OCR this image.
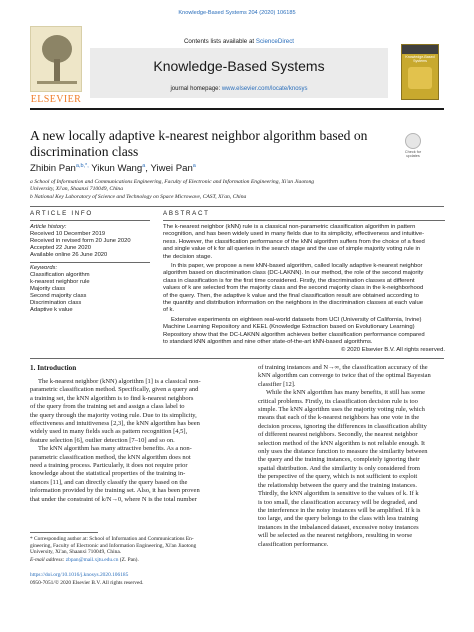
Knowledge-Based Systems 204 (2020) 106185
ELSEVIER
Contents lists available at ScienceDirect
Knowledge-Based Systems
journal homepage: www.elsevier.com/locate/knosys
Knowledge-Based Systems
A new locally adaptive k-nearest neighbor algorithm based on
discrimination class	Check for updates
Zhibin Pan$^{a,b,*,}$ Yikun Wang$^a$, Yiwei Pan$^a$
a School of Information and Communications Engineering, Faculty of Electronic and Information Engineering, Xi'an Jiaotong
University, Xi'an, Shaanxi 710049, China
b National Key Laboratory of Science and Technology on Space Microwave, CAST, Xi'an, China
ARTICLE INFO	ABSTRACT
Article history:
Received 10 December 2019
Received in revised form 20 June 2020
Accepted 22 June 2020
Available online 26 June 2020
Keywords:
Classification algorithm
k-nearest neighbor rule
Majority class
Second majority class
Discrimination class
Adaptive k value
The k-nearest neighbor (kNN) rule is a classical non-parametric classification algorithm in pattern
recognition, and has been widely used in many fields due to its simplicity, effectiveness and intuitive-
ness. However, the classification performance of the kNN algorithm suffers from the choice of a fixed
and single value of k for all queries in the search stage and the use of simple majority voting rule in
the decision stage.
In this paper, we propose a new kNN-based algorithm, called locally adaptive k-nearest neighbor
algorithm based on discrimination class (DC-LAKNN). In our method, the role of the second majority
class in classification is for the first time considered. Firstly, the discrimination classes at different
values of k are selected from the majority class and the second majority class in the k-neighborhood
of the query. Then, the adaptive k value and the final classification result are obtained according to
the quantity and distribution information on the neighbors in the discrimination classes at each value
of k.
Extensive experiments on eighteen real-world datasets from UCI (University of California, Irvine)
Machine Learning Repository and KEEL (Knowledge Extraction based on Evolutionary Learning)
Repository show that the DC-LAKNN algorithm achieves better classification performance compared
to standard kNN algorithm and nine other state-of-the-art kNN-based algorithms.
© 2020 Elsevier B.V. All rights reserved.
1. Introduction
The k-nearest neighbor (kNN) algorithm [1] is a classical non-
parametric classification method. Specifically, given a query and
a training set, the kNN algorithm is to find k-nearest neighbors
of the query from the training set and assign a class label to
the query through the majority voting rule. Due to its simplicity,
effectiveness and intuitiveness [2,3], the kNN algorithm has been
widely used in many fields such as pattern recognition [4,5],
feature selection [6], outlier detection [7–10] and so on.
The kNN algorithm has many attractive benefits. As a non-
parametric classification method, the kNN algorithm does not
need a training process. Particularly, it does not require prior
knowledge about the statistical properties of the training in-
stances [11], and can directly classify the query based on the
information provided by the training set. Also, it has been proven
that under the constraint of k/N→0, where N is the total number
of training instances and N→∞, the classification accuracy of the
kNN algorithm can converge to twice that of the optimal Bayesian
classifier [12].
While the kNN algorithm has many benefits, it still has some
critical problems. Firstly, its classification decision rule is too
simple. The kNN algorithm uses the majority voting rule, which
means that each of the k-nearest neighbors has one vote in the
decision process, ignoring the differences in classification ability
of different nearest neighbors. Secondly, the nearest neighbor
selection method of the kNN algorithm is not reliable enough. It
only uses the distance function to measure the similarity between
the query and the training instances, completely ignoring their
spatial distribution. And the similarity is only considered from
the perspective of the query, which is not sufficient to exploit
the relationship between the query and the training instances.
Thirdly, the kNN algorithm is sensitive to the values of k. If k
is too small, the classification accuracy will be degraded, and
the interference in the noisy instances will be amplified. If k is
too large, and the query belongs to the class with less training
instances in the imbalanced dataset, excessive noisy instances
will be selected as the nearest neighbors, resulting in worse
classification performance.
* Corresponding author at: School of Information and Communications En-
gineering, Faculty of Electronic and Information Engineering, Xi'an Jiaotong
University, Xi'an, Shaanxi 710049, China.
E-mail address: zbpan@mail.xjtu.edu.cn (Z. Pan).
https://doi.org/10.1016/j.knosys.2020.106185
0950-7051/© 2020 Elsevier B.V. All rights reserved.
